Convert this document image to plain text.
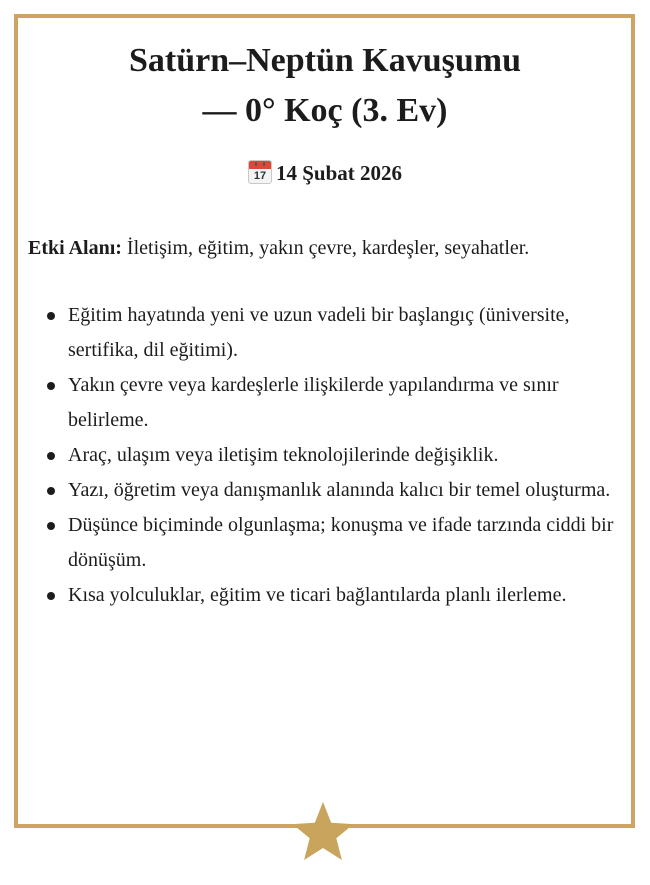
Satürn–Neptün Kavuşumu
— 0° Koç (3. Ev)
17 14 Şubat 2026

Etki Alanı: İletişim, eğitim, yakın çevre, kardeşler, seyahatler.

Eğitim hayatında yeni ve uzun vadeli bir başlangıç (üniversite, sertifika, dil eğitimi).
Yakın çevre veya kardeşlerle ilişkilerde yapılandırma ve sınır belirleme.
Araç, ulaşım veya iletişim teknolojilerinde değişiklik.
Yazı, öğretim veya danışmanlık alanında kalıcı bir temel oluşturma.
Düşünce biçiminde olgunlaşma; konuşma ve ifade tarzında ciddi bir dönüşüm.
Kısa yolculuklar, eğitim ve ticari bağlantılarda planlı ilerleme.
